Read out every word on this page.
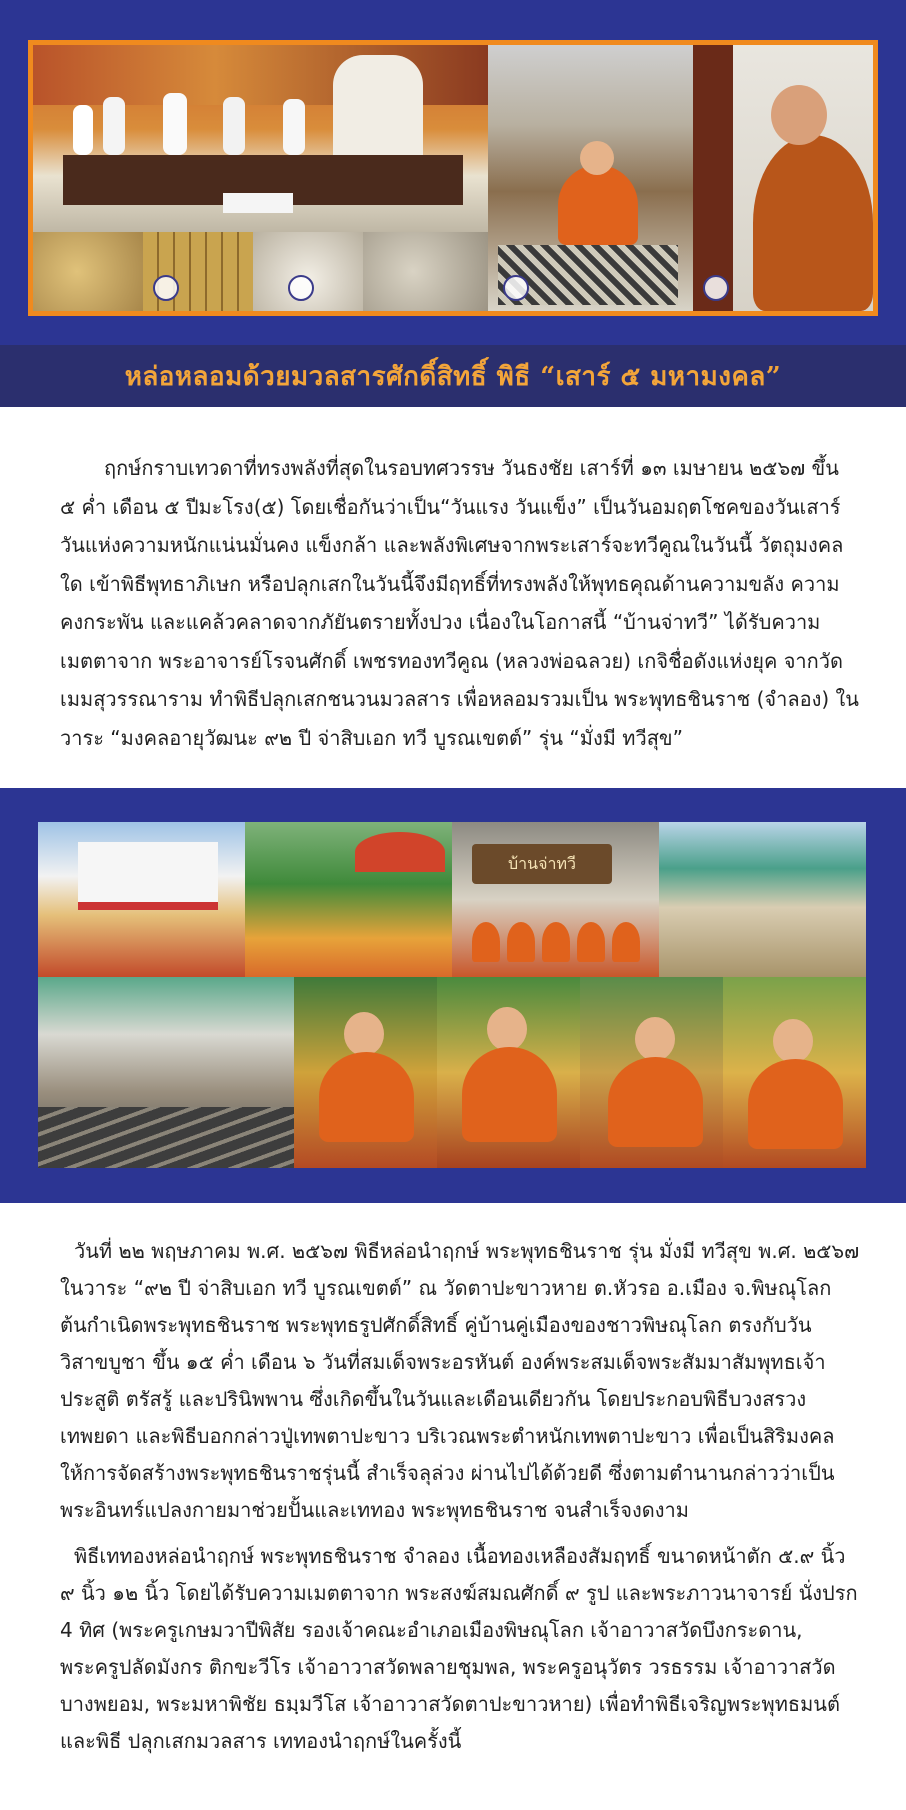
หล่อหลอมด้วยมวลสารศักดิ์สิทธิ์ พิธี “เสาร์ ๕ มหามงคล”

ฤกษ์กราบเทวดาที่ทรงพลังที่สุดในรอบทศวรรษ วันธงชัย เสาร์ที่ ๑๓ เมษายน ๒๕๖๗ ขึ้น ๕ ค่ำ เดือน ๕ ปีมะโรง(๕) โดยเชื่อกันว่าเป็น“วันแรง วันแข็ง” เป็นวันอมฤตโชคของวันเสาร์ วันแห่งความหนักแน่นมั่นคง แข็งกล้า และพลังพิเศษจากพระเสาร์จะทวีคูณในวันนี้ วัตถุมงคลใด เข้าพิธีพุทธาภิเษก หรือปลุกเสกในวันนี้จึงมีฤทธิ์ที่ทรงพลังให้พุทธคุณด้านความขลัง ความคงกระพัน และแคล้วคลาดจากภัยันตรายทั้งปวง เนื่องในโอกาสนี้ “บ้านจ่าทวี” ได้รับความเมตตาจาก พระอาจารย์โรจนศักดิ์ เพชรทองทวีคูณ (หลวงพ่อฉลวย) เกจิชื่อดังแห่งยุค จากวัดเมมสุวรรณาราม ทำพิธีปลุกเสกชนวนมวลสาร เพื่อหลอมรวมเป็น พระพุทธชินราช (จำลอง) ในวาระ “มงคลอายุวัฒนะ ๙๒ ปี จ่าสิบเอก ทวี บูรณเขตต์” รุ่น “มั่งมี ทวีสุข”

บ้านจ่าทวี

วันที่ ๒๒ พฤษภาคม พ.ศ. ๒๕๖๗ พิธีหล่อนำฤกษ์ พระพุทธชินราช รุ่น มั่งมี ทวีสุข พ.ศ. ๒๕๖๗ ในวาระ “๙๒ ปี จ่าสิบเอก ทวี บูรณเขตต์” ณ วัดตาปะขาวหาย ต.หัวรอ อ.เมือง จ.พิษณุโลก ต้นกำเนิดพระพุทธชินราช พระพุทธรูปศักดิ์สิทธิ์ คู่บ้านคู่เมืองของชาวพิษณุโลก ตรงกับวันวิสาขบูชา ขึ้น ๑๕ ค่ำ เดือน ๖ วันที่สมเด็จพระอรหันต์ องค์พระสมเด็จพระสัมมาสัมพุทธเจ้า ประสูติ ตรัสรู้ และปรินิพพาน ซึ่งเกิดขึ้นในวันและเดือนเดียวกัน โดยประกอบพิธีบวงสรวงเทพยดา และพิธีบอกกล่าวปู่เทพตาปะขาว บริเวณพระตำหนักเทพตาปะขาว เพื่อเป็นสิริมงคล ให้การจัดสร้างพระพุทธชินราชรุ่นนี้ สำเร็จลุล่วง ผ่านไปได้ด้วยดี ซึ่งตามตำนานกล่าวว่าเป็นพระอินทร์แปลงกายมาช่วยปั้นและเททอง พระพุทธชินราช จนสำเร็จงดงาม

พิธีเททองหล่อนำฤกษ์ พระพุทธชินราช จำลอง เนื้อทองเหลืองสัมฤทธิ์ ขนาดหน้าตัก ๕.๙ นิ้ว ๙ นิ้ว ๑๒ นิ้ว โดยได้รับความเมตตาจาก พระสงฆ์สมณศักดิ์ ๙ รูป และพระภาวนาจารย์ นั่งปรก 4 ทิศ (พระครูเกษมวาปีพิสัย รองเจ้าคณะอำเภอเมืองพิษณุโลก เจ้าอาวาสวัดบึงกระดาน, พระครูปลัดมังกร ติกขะวีโร เจ้าอาวาสวัดพลายชุมพล, พระครูอนุวัตร วรธรรม เจ้าอาวาสวัดบางพยอม, พระมหาพิชัย ธมฺมวีโส เจ้าอาวาสวัดตาปะขาวหาย) เพื่อทำพิธีเจริญพระพุทธมนต์ และพิธี ปลุกเสกมวลสาร เททองนำฤกษ์ในครั้งนี้
